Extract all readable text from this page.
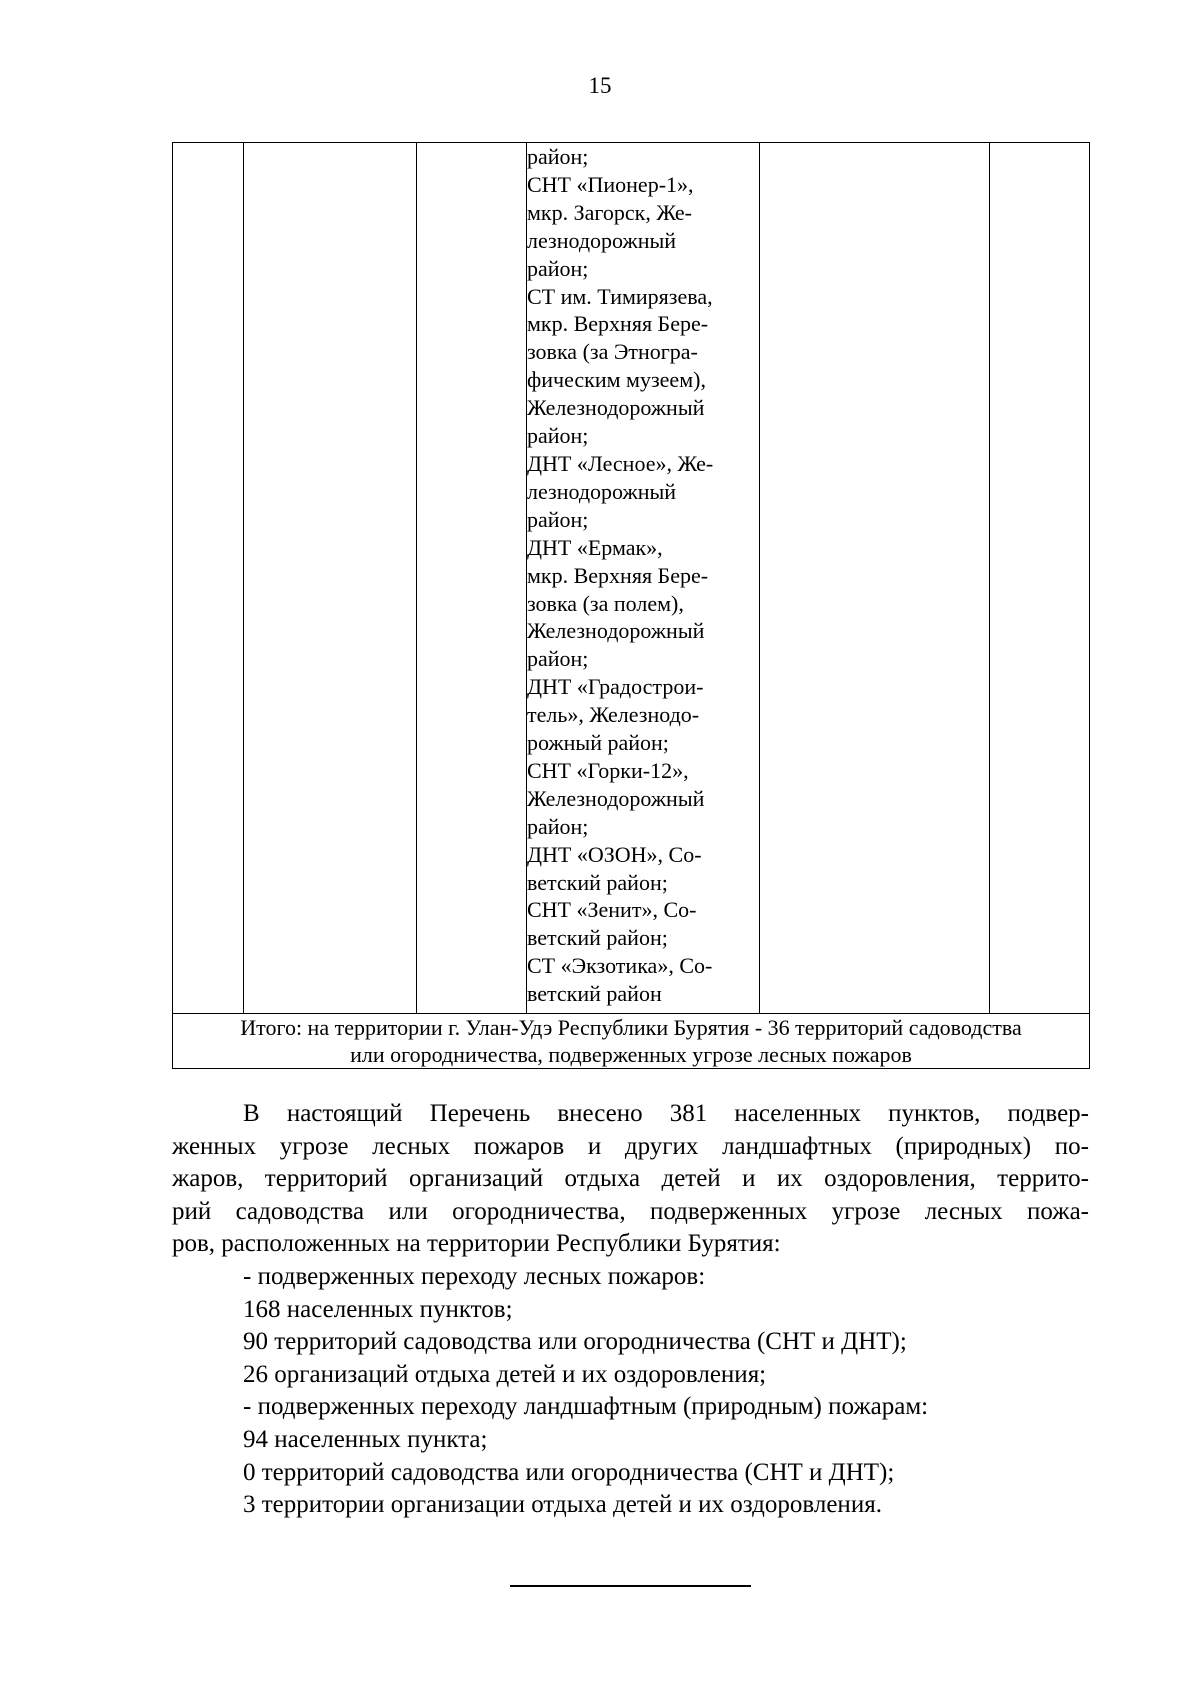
15

район;
СНТ «Пионер-1»,
мкр. Загорск, Же-
лезнодорожный
район;
СТ им. Тимирязева,
мкр. Верхняя Бере-
зовка (за Этногра-
фическим музеем),
Железнодорожный
район;
ДНТ «Лесное», Же-
лезнодорожный
район;
ДНТ «Ермак»,
мкр. Верхняя Бере-
зовка (за полем),
Железнодорожный
район;
ДНТ «Градострои-
тель», Железнодо-
рожный район;
СНТ «Горки-12»,
Железнодорожный
район;
ДНТ «ОЗОН», Со-
ветский район;
СНТ «Зенит», Со-
ветский район;
СТ «Экзотика», Со-
ветский район

Итого: на территории г. Улан-Удэ Республики Бурятия - 36 территорий садоводства
или огородничества, подверженных угрозе лесных пожаров
В настоящий Перечень внесено 381 населенных пунктов, подвер-
женных угрозе лесных пожаров и других ландшафтных (природных) по-
жаров, территорий организаций отдыха детей и их оздоровления, террито-
рий садоводства или огородничества, подверженных угрозе лесных пожа-
ров, расположенных на территории Республики Бурятия:
- подверженных переходу лесных пожаров:
168 населенных пунктов;
90 территорий садоводства или огородничества (СНТ и ДНТ);
26 организаций отдыха детей и их оздоровления;
- подверженных переходу ландшафтным (природным) пожарам:
94 населенных пункта;
0 территорий садоводства или огородничества (СНТ и ДНТ);
3 территории организации отдыха детей и их оздоровления.
